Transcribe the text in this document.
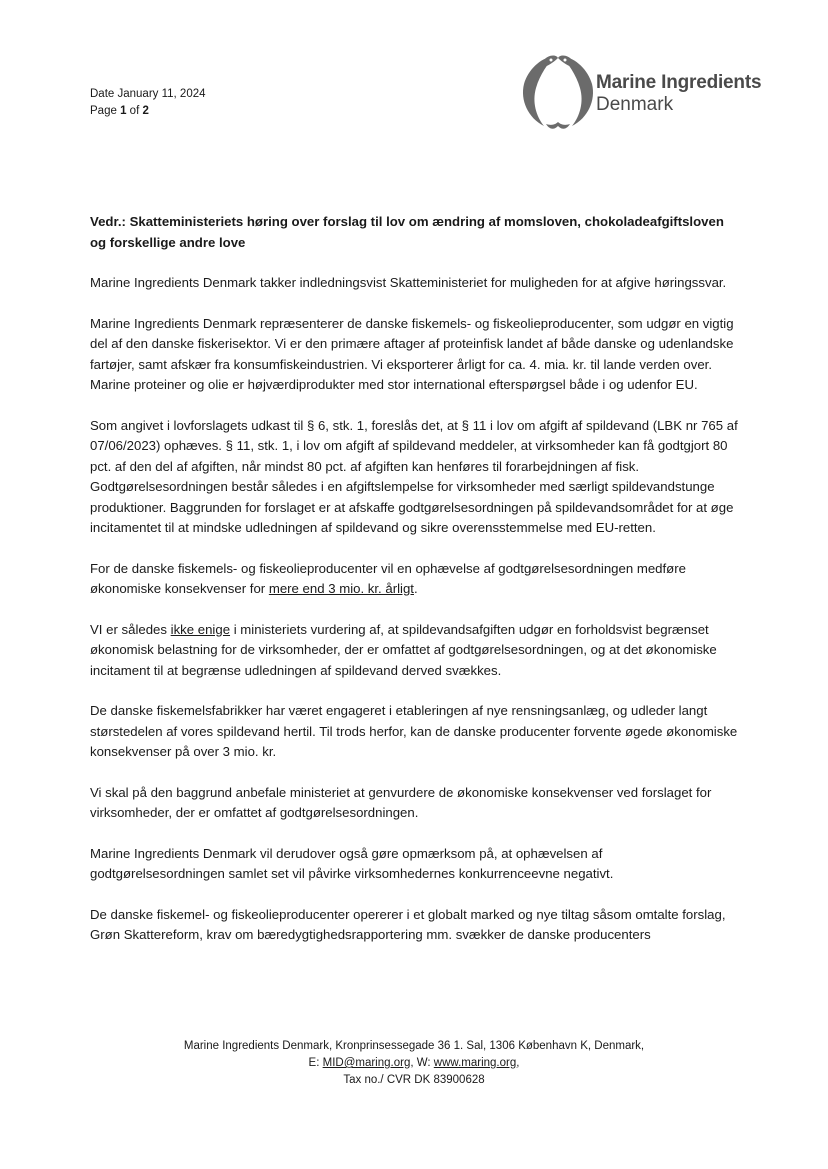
Date January 11, 2024
Page 1 of 2
Marine Ingredients
Denmark

Vedr.: Skatteministeriets høring over forslag til lov om ændring af momsloven, chokoladeafgiftsloven og forskellige andre love

Marine Ingredients Denmark takker indledningsvist Skatteministeriet for muligheden for at afgive høringssvar.

Marine Ingredients Denmark repræsenterer de danske fiskemels- og fiskeolieproducenter, som udgør en vigtig del af den danske fiskerisektor. Vi er den primære aftager af proteinfisk landet af både danske og udenlandske fartøjer, samt afskær fra konsumfiskeindustrien. Vi eksporterer årligt for ca. 4. mia. kr. til lande verden over. Marine proteiner og olie er højværdiprodukter med stor international efterspørgsel både i og udenfor EU.

Som angivet i lovforslagets udkast til § 6, stk. 1, foreslås det, at § 11 i lov om afgift af spildevand (LBK nr 765 af 07/06/2023) ophæves. § 11, stk. 1, i lov om afgift af spildevand meddeler, at virksomheder kan få godtgjort 80 pct. af den del af afgiften, når mindst 80 pct. af afgiften kan henføres til forarbejdningen af fisk. Godtgørelsesordningen består således i en afgiftslempelse for virksomheder med særligt spildevandstunge produktioner. Baggrunden for forslaget er at afskaffe godtgørelsesordningen på spildevandsområdet for at øge incitamentet til at mindske udledningen af spildevand og sikre overensstemmelse med EU-retten.

For de danske fiskemels- og fiskeolieproducenter vil en ophævelse af godtgørelsesordningen medføre økonomiske konsekvenser for mere end 3 mio. kr. årligt.

VI er således ikke enige i ministeriets vurdering af, at spildevandsafgiften udgør en forholdsvist begrænset økonomisk belastning for de virksomheder, der er omfattet af godtgørelsesordningen, og at det økonomiske incitament til at begrænse udledningen af spildevand derved svækkes.

De danske fiskemelsfabrikker har været engageret i etableringen af nye rensningsanlæg, og udleder langt størstedelen af vores spildevand hertil. Til trods herfor, kan de danske producenter forvente øgede økonomiske konsekvenser på over 3 mio. kr.

Vi skal på den baggrund anbefale ministeriet at genvurdere de økonomiske konsekvenser ved forslaget for virksomheder, der er omfattet af godtgørelsesordningen.

Marine Ingredients Denmark vil derudover også gøre opmærksom på, at ophævelsen af godtgørelsesordningen samlet set vil påvirke virksomhedernes konkurrenceevne negativt.

De danske fiskemel- og fiskeolieproducenter opererer i et globalt marked og nye tiltag såsom omtalte forslag, Grøn Skattereform, krav om bæredygtighedsrapportering mm. svækker de danske producenters

Marine Ingredients Denmark, Kronprinsessegade 36 1. Sal, 1306 København K, Denmark,
E: MID@maring.org, W: www.maring.org,
Tax no./ CVR DK 83900628
